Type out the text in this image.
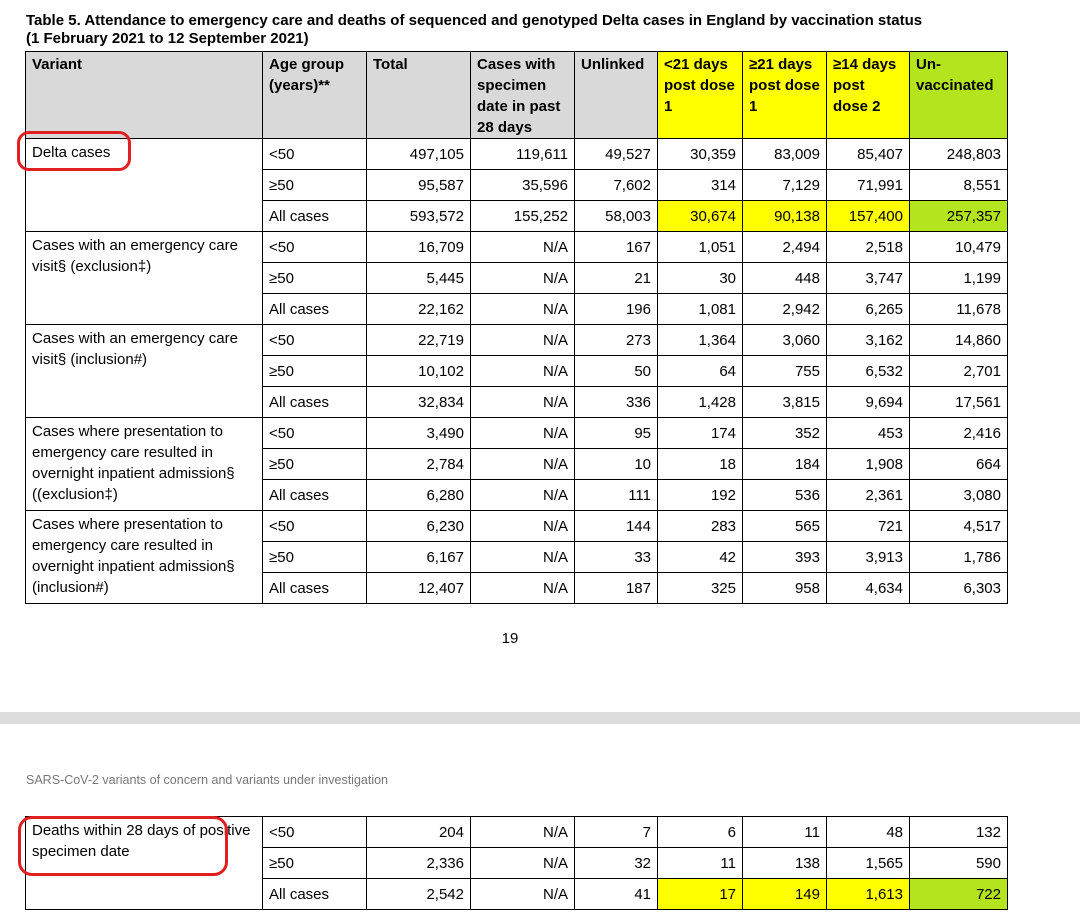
Table 5. Attendance to emergency care and deaths of sequenced and genotyped Delta cases in England by vaccination status
(1 February 2021 to 12 September 2021)
Variant	Age group (years)**	Total	Cases with specimen date in past 28 days	Unlinked	<21 days post dose 1	≥21 days post dose 1	≥14 days post dose 2	Un-vaccinated
Delta cases	<50	497,105	119,611	49,527	30,359	83,009	85,407	248,803
	≥50	95,587	35,596	7,602	314	7,129	71,991	8,551
	All cases	593,572	155,252	58,003	30,674	90,138	157,400	257,357
Cases with an emergency care visit§ (exclusion‡)	<50	16,709	N/A	167	1,051	2,494	2,518	10,479
	≥50	5,445	N/A	21	30	448	3,747	1,199
	All cases	22,162	N/A	196	1,081	2,942	6,265	11,678
Cases with an emergency care visit§ (inclusion#)	<50	22,719	N/A	273	1,364	3,060	3,162	14,860
	≥50	10,102	N/A	50	64	755	6,532	2,701
	All cases	32,834	N/A	336	1,428	3,815	9,694	17,561
Cases where presentation to emergency care resulted in overnight inpatient admission§ ((exclusion‡)	<50	3,490	N/A	95	174	352	453	2,416
	≥50	2,784	N/A	10	18	184	1,908	664
	All cases	6,280	N/A	111	192	536	2,361	3,080
Cases where presentation to emergency care resulted in overnight inpatient admission§ (inclusion#)	<50	6,230	N/A	144	283	565	721	4,517
	≥50	6,167	N/A	33	42	393	3,913	1,786
	All cases	12,407	N/A	187	325	958	4,634	6,303
19
SARS-CoV-2 variants of concern and variants under investigation
Deaths within 28 days of positive specimen date	<50	204	N/A	7	6	11	48	132
	≥50	2,336	N/A	32	11	138	1,565	590
	All cases	2,542	N/A	41	17	149	1,613	722
